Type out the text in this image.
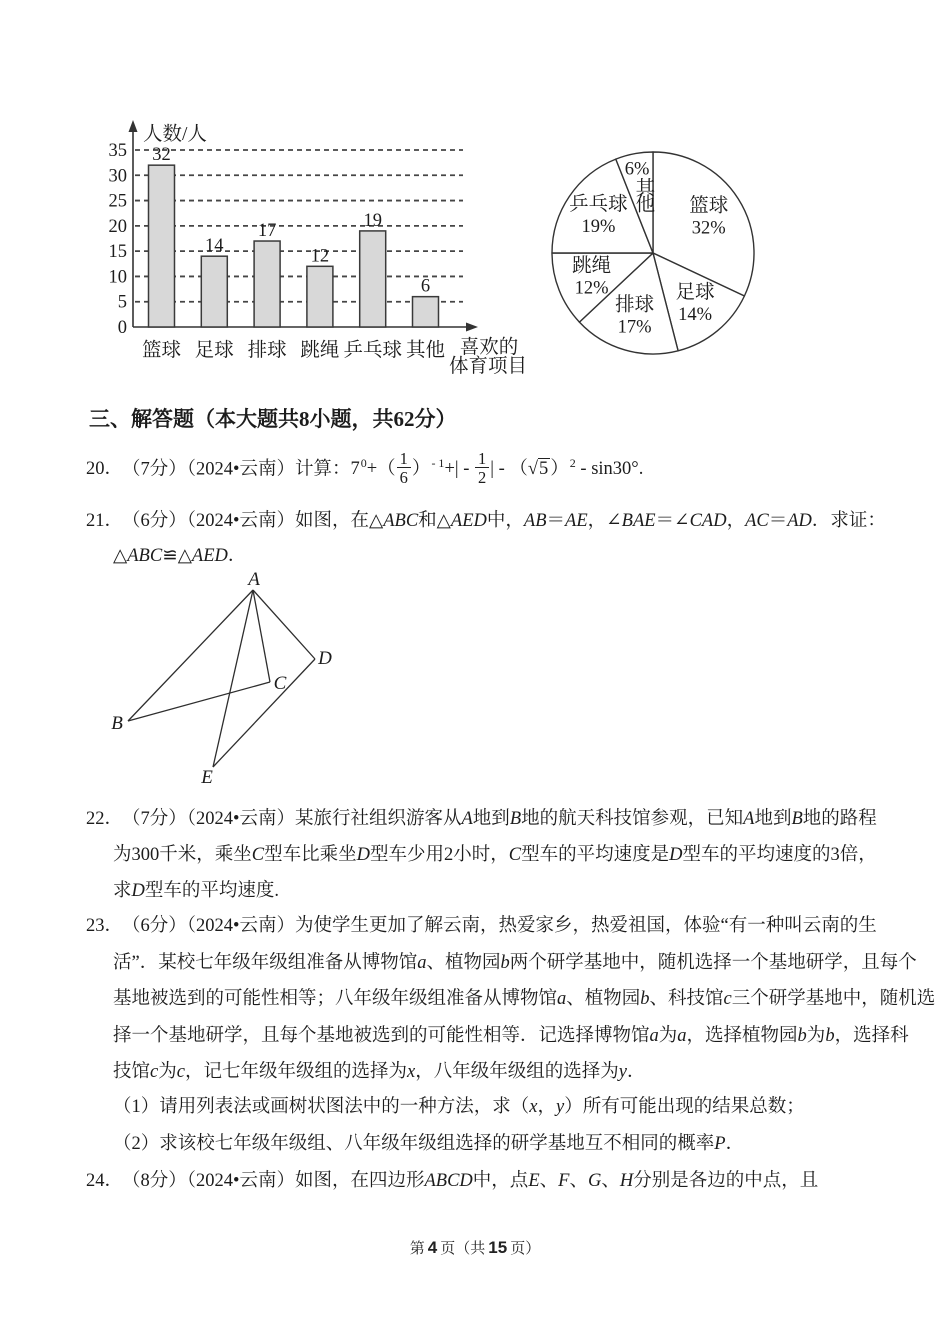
0
5
10
15
20
25
30
35
人数/人
32
篮球
14
足球
17
排球
12
跳绳
19
乒乓球
6
其他 喜欢的
体育项目
篮球
32%
足球
14%
排球
17%
跳绳
12%
乒乓球
19%
6%
其
他
三、解答题（本大题共8小题，共62分）
20．（7分）（2024•云南）计算：$7^0+( \frac{1}{6} )^{- 1}+| - \frac{1}{2}$ | - （√5 ）$^2$ - sin30°.
21．（6分）（2024•云南）如图，在△ABC和△AED中，AB＝AE，∠BAE＝∠CAD，AC＝AD．求证：
△ABC≌△AED．
A
B
C
D
E
22．（7分）（2024•云南）某旅行社组织游客从A地到B地的航天科技馆参观，已知A地到B地的路程
为300千米，乘坐C型车比乘坐D型车少用2小时，C型车的平均速度是D型车的平均速度的3倍，
求D型车的平均速度.
23．（6分）（2024•云南）为使学生更加了解云南，热爱家乡，热爱祖国，体验“有一种叫云南的生
活”．某校七年级年级组准备从博物馆a、植物园b两个研学基地中，随机选择一个基地研学，且每个
基地被选到的可能性相等；八年级年级组准备从博物馆a、植物园b、科技馆c三个研学基地中，随机选
择一个基地研学，且每个基地被选到的可能性相等．记选择博物馆a为a，选择植物园b为b，选择科
技馆c为c，记七年级年级组的选择为x，八年级年级组的选择为y．
（1）请用列表法或画树状图法中的一种方法，求（x，y）所有可能出现的结果总数；
（2）求该校七年级年级组、八年级年级组选择的研学基地互不相同的概率P．
24．（8分）（2024•云南）如图，在四边形ABCD中，点E、F、G、H分别是各边的中点，且
第 4 页（共 15 页）
